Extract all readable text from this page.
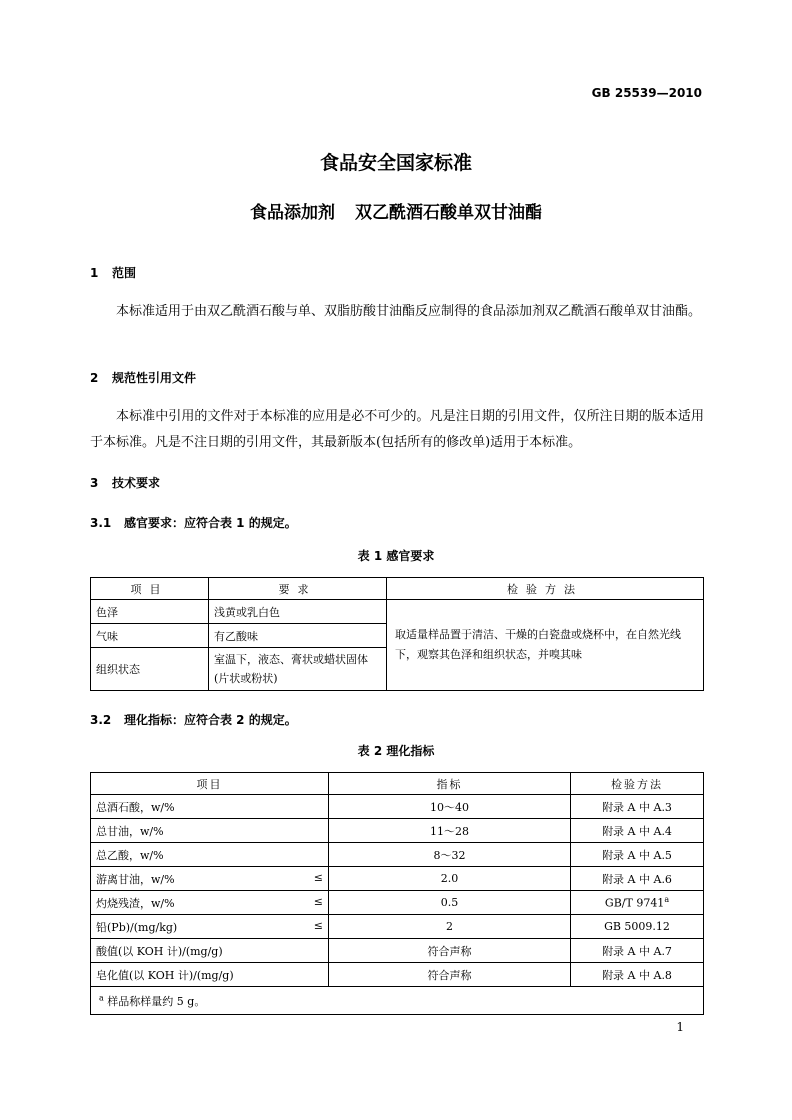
GB 25539—2010
食品安全国家标准
食品添加剂 双乙酰酒石酸单双甘油酯
1 范围
本标准适用于由双乙酰酒石酸与单、双脂肪酸甘油酯反应制得的食品添加剂双乙酰酒石酸单双甘油酯。
2 规范性引用文件
本标准中引用的文件对于本标准的应用是必不可少的。凡是注日期的引用文件，仅所注日期的版本适用于本标准。凡是不注日期的引用文件，其最新版本(包括所有的修改单)适用于本标准。
3 技术要求
3.1 感官要求：应符合表 1 的规定。
表 1 感官要求
项目	要求	检验方法
色泽	浅黄或乳白色	取适量样品置于清洁、干燥的白瓷盘或烧杯中，在自然光线下，观察其色泽和组织状态，并嗅其味
气味	有乙酸味	
组织状态	室温下，液态、膏状或蜡状固体(片状或粉状)	
3.2 理化指标：应符合表 2 的规定。
表 2 理化指标
项目	指标	检验方法
总酒石酸，w/%	10～40	附录 A 中 A.3
总甘油，w/%	11～28	附录 A 中 A.4
总乙酸，w/%	8～32	附录 A 中 A.5
游离甘油，w/% ≤	2.0	附录 A 中 A.6
灼烧残渣，w/% ≤	0.5	GB/T 9741$^a$
铅(Pb)/(mg/kg) ≤	2	GB 5009.12
酸值(以 KOH 计)/(mg/g)	符合声称	附录 A 中 A.7
皂化值(以 KOH 计)/(mg/g)	符合声称	附录 A 中 A.8
$^a$ 样品称样量约 5 g。		
1
